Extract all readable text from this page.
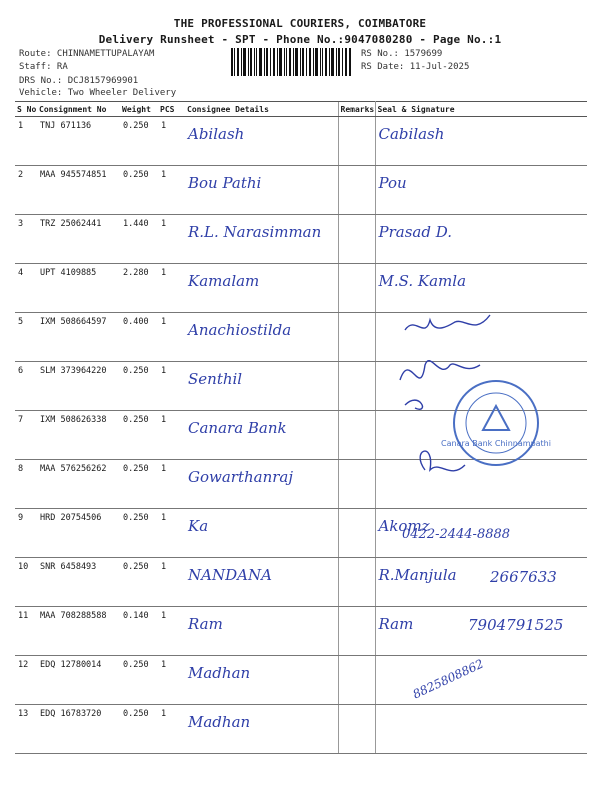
THE PROFESSIONAL COURIERS, COIMBATORE
Delivery Runsheet - SPT - Phone No.:9047080280 - Page No.:1
Route: CHINNAMETTUPALAYAM
Staff: RA
DRS No.: DCJ8157969901
Vehicle: Two Wheeler Delivery
RS No.: 1579699
RS Date: 11-Jul-2025
S No	Consignment No	Weight	PCS	Consignee Details	Remarks	Seal & Signature
1	TNJ 671136	0.250	1	Abilash		Cabilash
2	MAA 945574851	0.250	1	Bou Pathi		Pou
3	TRZ 25062441	1.440	1	R.L. Narasimman		Prasad D.
4	UPT 4109885	2.280	1	Kamalam		M.S. Kamla
5	IXM 508664597	0.400	1	Anachiostilda		
6	SLM 373964220	0.250	1	Senthil		
7	IXM 508626338	0.250	1	Canara Bank		
8	MAA 576256262	0.250	1	Gowarthanraj		
9	HRD 20754506	0.250	1	Ka		Akomz
10	SNR 6458493	0.250	1	NANDANA		R.Manjula
11	MAA 708288588	0.140	1	Ram		Ram
12	EDQ 12780014	0.250	1	Madhan		
13	EDQ 16783720	0.250	1	Madhan		
Canara Bank Chinnampathi
0422-2444-8888
2667633
7904791525
8825808862
